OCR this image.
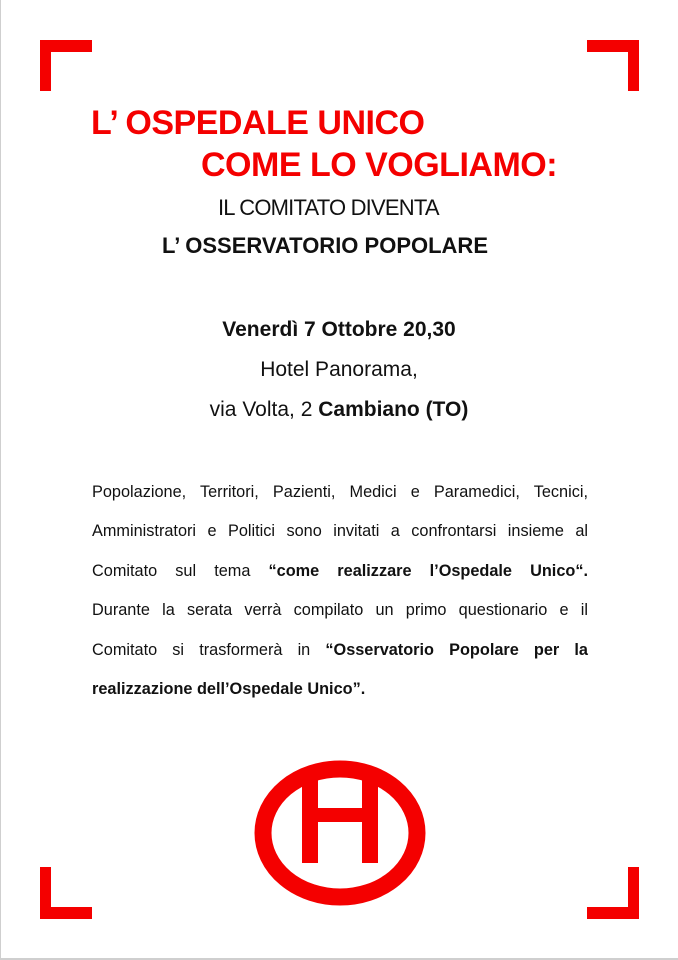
L’ OSPEDALE UNICO
COME LO VOGLIAMO:
IL COMITATO DIVENTA
L’ OSSERVATORIO POPOLARE
Venerdì 7 Ottobre 20,30
Hotel Panorama,
via Volta, 2 Cambiano (TO)
Popolazione, Territori, Pazienti, Medici e Paramedici, Tecnici,
Amministratori e Politici sono invitati a confrontarsi insieme al
Comitato sul tema “come realizzare l’Ospedale Unico“.
Durante la serata verrà compilato un primo questionario e il
Comitato si trasformerà in “Osservatorio Popolare per la
realizzazione dell’Ospedale Unico”.
